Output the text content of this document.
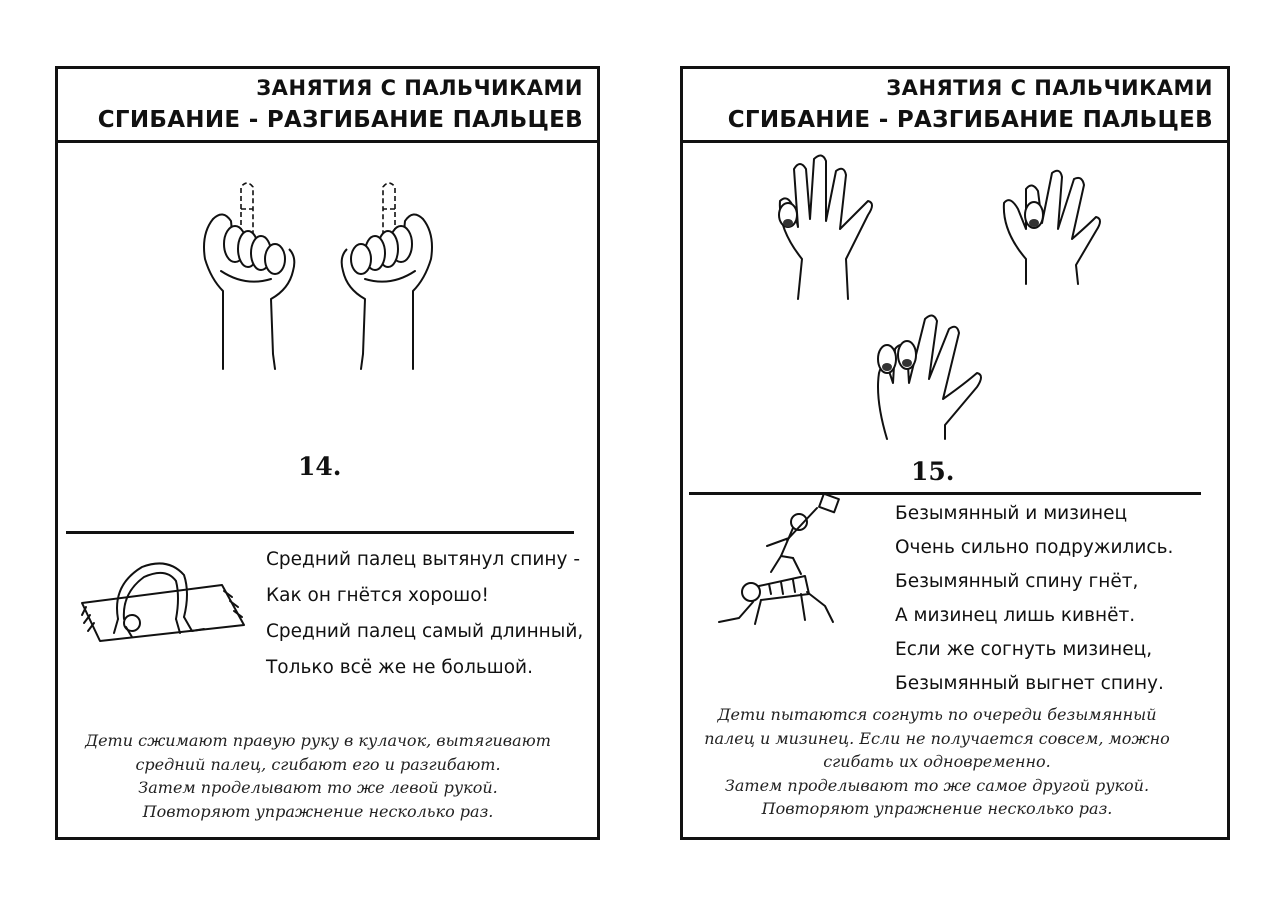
ЗАНЯТИЯ С ПАЛЬЧИКАМИ
СГИБАНИЕ - РАЗГИБАНИЕ ПАЛЬЦЕВ
14.
Средний палец вытянул спину -
Как он гнётся хорошо!
Средний палец самый длинный,
Только всё же не большой.
Дети сжимают правую руку в кулачок, вытягивают
средний палец, сгибают его и разгибают.
Затем проделывают то же левой рукой.
Повторяют упражнение несколько раз.
ЗАНЯТИЯ С ПАЛЬЧИКАМИ
СГИБАНИЕ - РАЗГИБАНИЕ ПАЛЬЦЕВ
15.
Безымянный и мизинец
Очень сильно подружились.
Безымянный спину гнёт,
А мизинец лишь кивнёт.
Если же согнуть мизинец,
Безымянный выгнет спину.
Дети пытаются согнуть по очереди безымянный
палец и мизинец. Если не получается совсем, можно
сгибать их одновременно.
Затем проделывают то же самое другой рукой.
Повторяют упражнение несколько раз.
